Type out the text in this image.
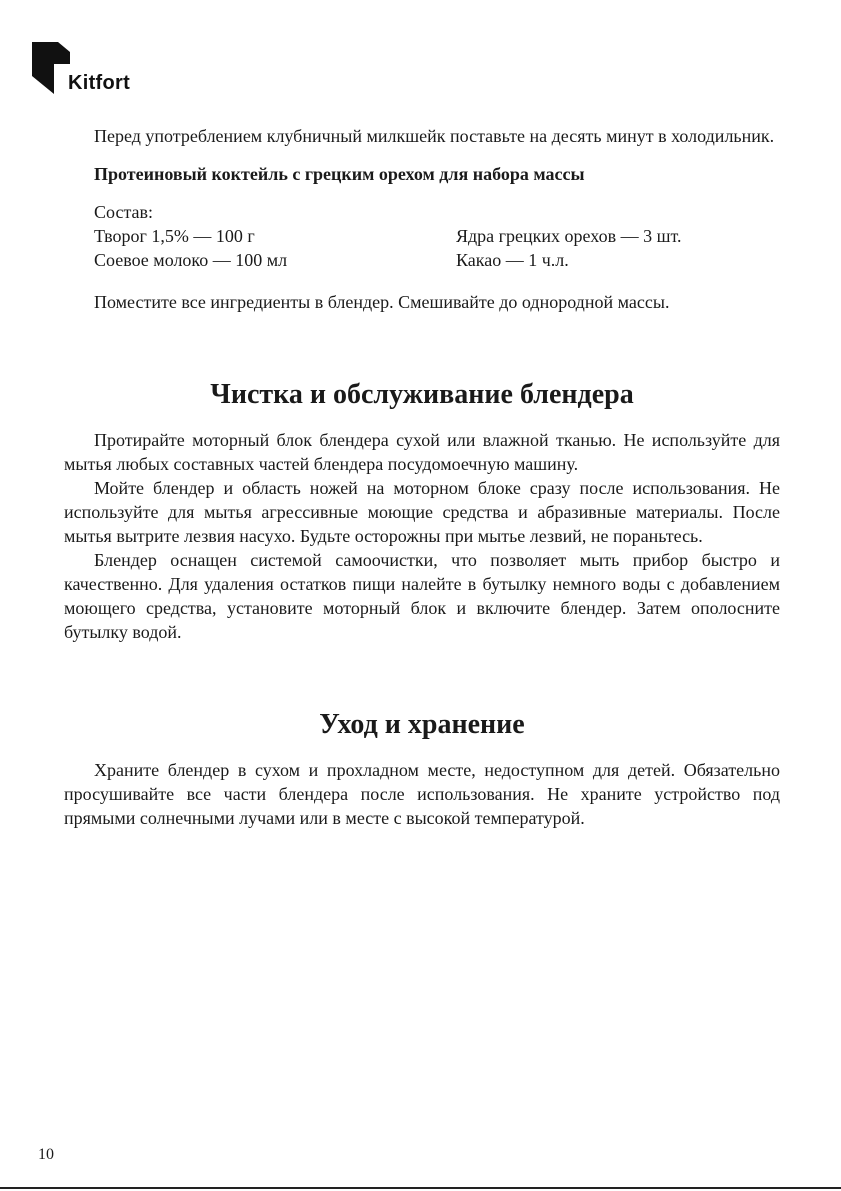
Kitfort

Перед употреблением клубничный милкшейк поставьте на десять минут в холодильник.

Протеиновый коктейль с грецким орехом для набора массы
Состав:
Творог 1,5% — 100 г	Ядра грецких орехов — 3 шт.
Соевое молоко — 100 мл	Какао — 1 ч.л.

Поместите все ингредиенты в блендер. Смешивайте до однородной массы.

Чистка и обслуживание блендера

Протирайте моторный блок блендера сухой или влажной тканью. Не используйте для мытья любых составных частей блендера посудомоечную машину.

Мойте блендер и область ножей на моторном блоке сразу после использования. Не используйте для мытья агрессивные моющие средства и абразивные материалы. После мытья вытрите лезвия насухо. Будьте осторожны при мытье лезвий, не пораньтесь.

Блендер оснащен системой самоочистки, что позволяет мыть прибор быстро и качественно. Для удаления остатков пищи налейте в бутылку немного воды с добавлением моющего средства, установите моторный блок и включите блендер. Затем ополосните бутылку водой.

Уход и хранение

Храните блендер в сухом и прохладном месте, недоступном для детей. Обязательно просушивайте все части блендера после использования. Не храните устройство под прямыми солнечными лучами или в месте с высокой температурой.

10
